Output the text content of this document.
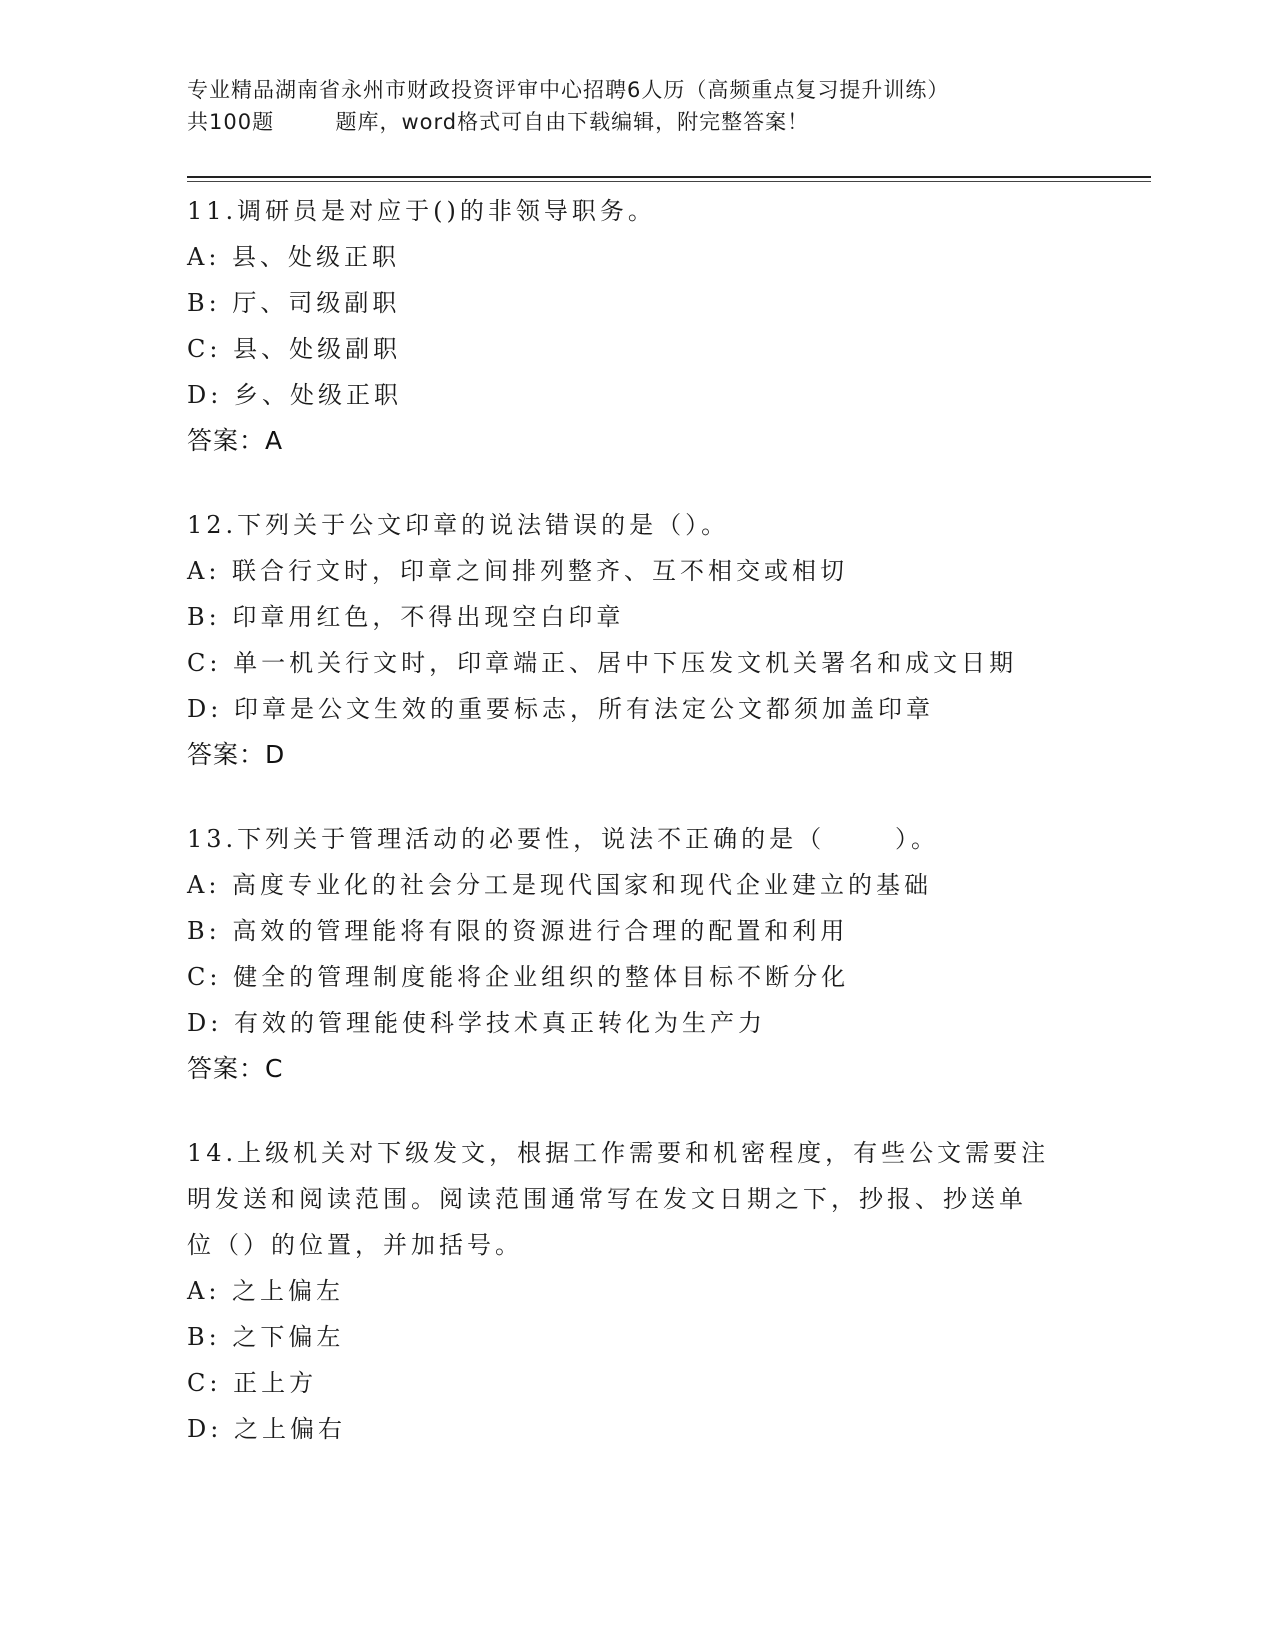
专业精品湖南省永州市财政投资评审中心招聘6人历（高频重点复习提升训练）
共100题        题库，word格式可自由下载编辑，附完整答案！
11.调研员是对应于()的非领导职务。
A: 县、处级正职
B: 厅、司级副职
C: 县、处级副职
D: 乡、处级正职
答案：A
12.下列关于公文印章的说法错误的是（）。
A: 联合行文时，印章之间排列整齐、互不相交或相切
B: 印章用红色，不得出现空白印章
C: 单一机关行文时，印章端正、居中下压发文机关署名和成文日期
D: 印章是公文生效的重要标志，所有法定公文都须加盖印章
答案：D
13.下列关于管理活动的必要性，说法不正确的是（      ）。
A: 高度专业化的社会分工是现代国家和现代企业建立的基础
B: 高效的管理能将有限的资源进行合理的配置和利用
C: 健全的管理制度能将企业组织的整体目标不断分化
D: 有效的管理能使科学技术真正转化为生产力
答案：C
14.上级机关对下级发文，根据工作需要和机密程度，有些公文需要注
明发送和阅读范围。阅读范围通常写在发文日期之下，抄报、抄送单
位（）的位置，并加括号。
A: 之上偏左
B: 之下偏左
C: 正上方
D: 之上偏右
